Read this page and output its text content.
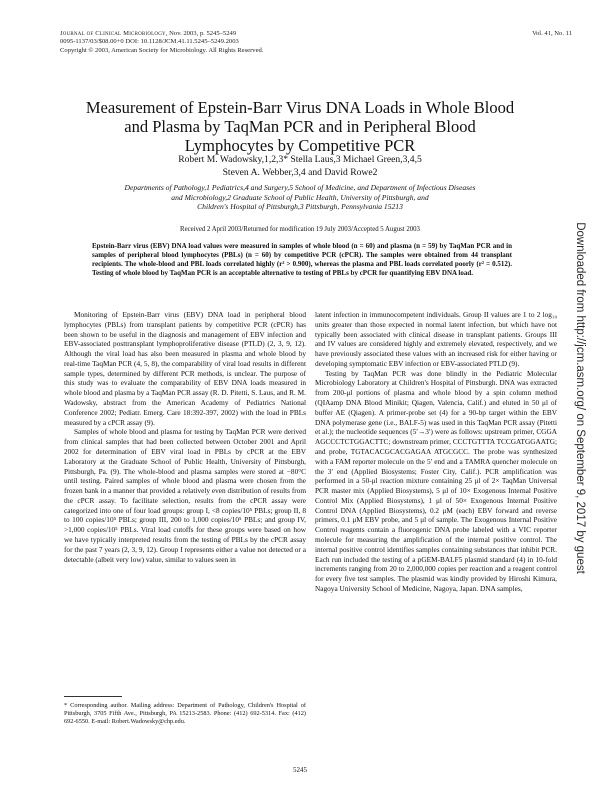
Journal of Clinical Microbiology, Nov. 2003, p. 5245–5249
0095-1137/03/$08.00+0 DOI: 10.1128/JCM.41.11.5245–5249.2003
Copyright © 2003, American Society for Microbiology. All Rights Reserved.
Vol. 41, No. 11
Measurement of Epstein-Barr Virus DNA Loads in Whole Blood
and Plasma by TaqMan PCR and in Peripheral Blood
Lymphocytes by Competitive PCR
Robert M. Wadowsky,1,2,3* Stella Laus,3 Michael Green,3,4,5
Steven A. Webber,3,4 and David Rowe2
Departments of Pathology,1 Pediatrics,4 and Surgery,5 School of Medicine, and Department of Infectious Diseases
and Microbiology,2 Graduate School of Public Health, University of Pittsburgh, and
Children's Hospital of Pittsburgh,3 Pittsburgh, Pennsylvania 15213
Received 2 April 2003/Returned for modification 19 July 2003/Accepted 5 August 2003
Epstein-Barr virus (EBV) DNA load values were measured in samples of whole blood (n = 60) and plasma (n = 59) by TaqMan PCR and in samples of peripheral blood lymphocytes (PBLs) (n = 60) by competitive PCR (cPCR). The samples were obtained from 44 transplant recipients. The whole-blood and PBL loads correlated highly (r² > 0.900), whereas the plasma and PBL loads correlated poorly (r² = 0.512). Testing of whole blood by TaqMan PCR is an acceptable alternative to testing of PBLs by cPCR for quantifying EBV DNA load.

Monitoring of Epstein-Barr virus (EBV) DNA load in peripheral blood lymphocytes (PBLs) from transplant patients by competitive PCR (cPCR) has been shown to be useful in the diagnosis and management of EBV infection and EBV-associated posttransplant lymphoproliferative disease (PTLD) (2, 3, 9, 12). Although the viral load has also been measured in plasma and whole blood by real-time TaqMan PCR (4, 5, 8), the comparability of viral load results in different sample types, determined by different PCR methods, is unclear. The purpose of this study was to evaluate the comparability of EBV DNA loads measured in whole blood and plasma by a TaqMan PCR assay (R. D. Pitetti, S. Laus, and R. M. Wadowsky, abstract from the American Academy of Pediatrics National Conference 2002; Pediatr. Emerg. Care 18:392-397, 2002) with the load in PBLs measured by a cPCR assay (9).

Samples of whole blood and plasma for testing by TaqMan PCR were derived from clinical samples that had been collected between October 2001 and April 2002 for determination of EBV viral load in PBLs by cPCR at the EBV Laboratory at the Graduate School of Public Health, University of Pittsburgh, Pittsburgh, Pa. (9). The whole-blood and plasma samples were stored at −80°C until testing. Paired samples of whole blood and plasma were chosen from the frozen bank in a manner that provided a relatively even distribution of results from the cPCR assay. To facilitate selection, results from the cPCR assay were categorized into one of four load groups: group I, <8 copies/10⁵ PBLs; group II, 8 to 100 copies/10⁵ PBLs; group III, 200 to 1,000 copies/10⁵ PBLs; and group IV, >1,000 copies/10⁵ PBLs. Viral load cutoffs for these groups were based on how we have typically interpreted results from the testing of PBLs by the cPCR assay for the past 7 years (2, 3, 9, 12). Group I represents either a value not detected or a detectable (albeit very low) value, similar to values seen in

latent infection in immunocompetent individuals. Group II values are 1 to 2 log₁₀ units greater than those expected in normal latent infection, but which have not typically been associated with clinical disease in transplant patients. Groups III and IV values are considered highly and extremely elevated, respectively, and we have previously associated these values with an increased risk for either having or developing symptomatic EBV infection or EBV-associated PTLD (9).

Testing by TaqMan PCR was done blindly in the Pediatric Molecular Microbiology Laboratory at Children's Hospital of Pittsburgh. DNA was extracted from 200-μl portions of plasma and whole blood by a spin column method (QIAamp DNA Blood Minikit; Qiagen, Valencia, Calif.) and eluted in 50 μl of buffer AE (Qiagen). A primer-probe set (4) for a 90-bp target within the EBV DNA polymerase gene (i.e., BALF-5) was used in this TaqMan PCR assay (Pitetti et al.); the nucleotide sequences (5′→3′) were as follows: upstream primer, CGGA AGCCCTCTGGACTTC; downstream primer, CCCTGTTTA TCCGATGGAATG; and probe, TGTACACGCACGAGAA ATGCGCC. The probe was synthesized with a FAM reporter molecule on the 5′ end and a TAMRA quencher molecule on the 3′ end (Applied Biosystems; Foster City, Calif.). PCR amplification was performed in a 50-μl reaction mixture containing 25 μl of 2× TaqMan Universal PCR master mix (Applied Biosystems), 5 μl of 10× Exogenous Internal Positive Control Mix (Applied Biosystems), 1 μl of 50× Exogenous Internal Positive Control DNA (Applied Biosystems), 0.2 μM (each) EBV forward and reverse primers, 0.1 μM EBV probe, and 5 μl of sample. The Exogenous Internal Positive Control reagents contain a fluorogenic DNA probe labeled with a VIC reporter molecule for measuring the amplification of the internal positive control. The internal positive control identifies samples containing substances that inhibit PCR. Each run included the testing of a pGEM-BALF5 plasmid standard (4) in 10-fold increments ranging from 20 to 2,000,000 copies per reaction and a reagent control for every five test samples. The plasmid was kindly provided by Hiroshi Kimura, Nagoya University School of Medicine, Nagoya, Japan. DNA samples,

* Corresponding author. Mailing address: Department of Pathology, Children's Hospital of Pittsburgh, 3705 Fifth Ave., Pittsburgh, PA 15213-2583. Phone: (412) 692-5314. Fax: (412) 692-6550. E-mail: Robert.Wadowsky@chp.edu.
5245
Downloaded from http://jcm.asm.org/ on September 9, 2017 by guest
